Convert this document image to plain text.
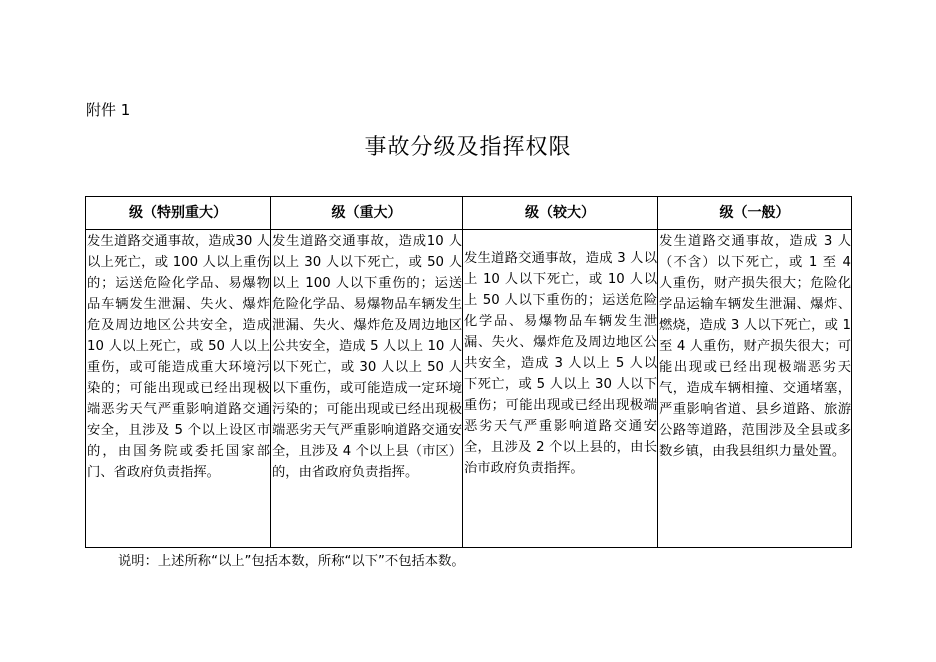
附件 1
事故分级及指挥权限
级（特别重大）	级（重大）	级（较大）	级（一般）

发生道路交通事故，造成30 人以上死亡，或 100 人以上重伤的；运送危险化学品、易爆物品车辆发生泄漏、失火、爆炸危及周边地区公共安全，造成 10 人以上死亡，或 50 人以上重伤，或可能造成重大环境污染的；可能出现或已经出现极端恶劣天气严重影响道路交通安全，且涉及 5 个以上设区市的，由国务院或委托国家部门、省政府负责指挥。	发生道路交通事故，造成10 人以上 30 人以下死亡，或 50 人以上 100 人以下重伤的；运送危险化学品、易爆物品车辆发生泄漏、失火、爆炸危及周边地区公共安全，造成 5 人以上 10 人以下死亡，或 30 人以上 50 人以下重伤，或可能造成一定环境污染的；可能出现或已经出现极端恶劣天气严重影响道路交通安全，且涉及 4 个以上县（市区）的，由省政府负责指挥。	发生道路交通事故，造成 3 人以上 10 人以下死亡，或 10 人以上 50 人以下重伤的；运送危险化学品、易爆物品车辆发生泄漏、失火、爆炸危及周边地区公共安全，造成 3 人以上 5 人以下死亡，或 5 人以上 30 人以下重伤；可能出现或已经出现极端恶劣天气严重影响道路交通安全，且涉及 2 个以上县的，由长治市政府负责指挥。	发生道路交通事故，造成 3 人（不含）以下死亡，或 1 至 4 人重伤，财产损失很大；危险化学品运输车辆发生泄漏、爆炸、燃烧，造成 3 人以下死亡，或 1 至 4 人重伤，财产损失很大；可能出现或已经出现极端恶劣天气，造成车辆相撞、交通堵塞，严重影响省道、县乡道路、旅游公路等道路，范围涉及全县或多数乡镇，由我县组织力量处置。
说明：上述所称“以上”包括本数，所称“以下”不包括本数。
